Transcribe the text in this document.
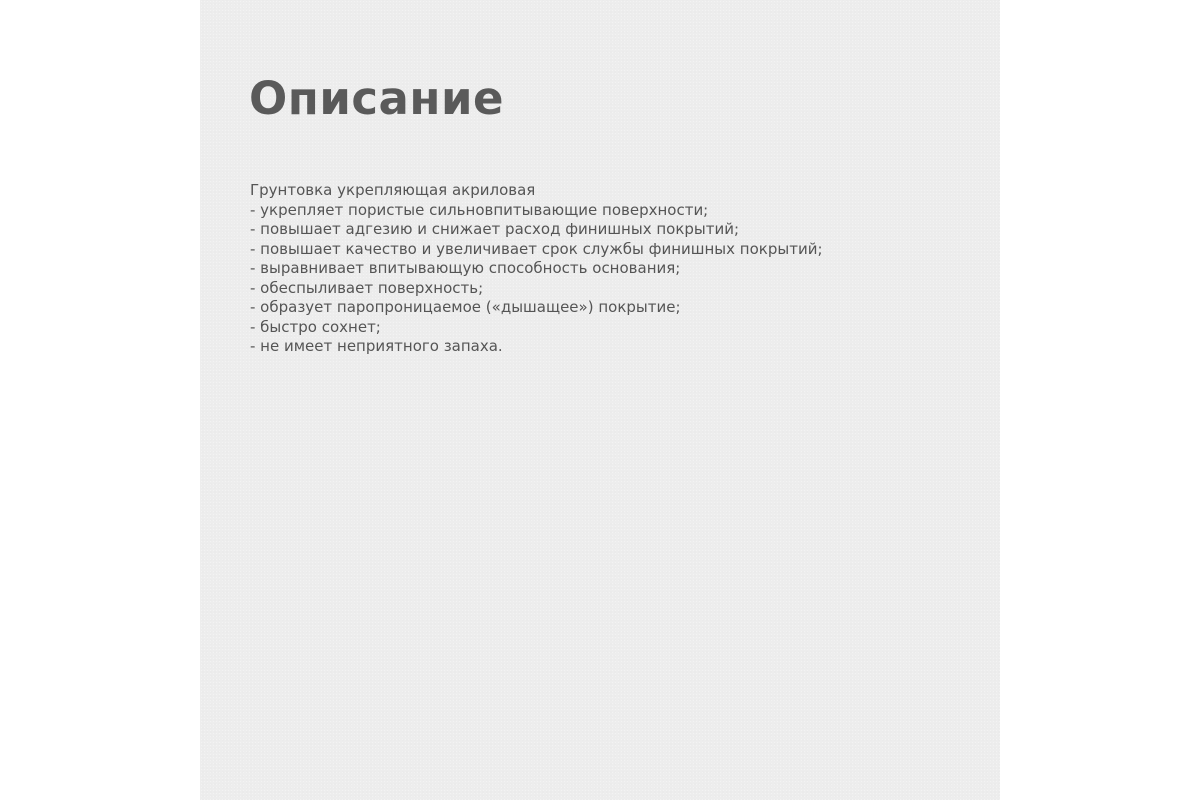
Описание
Грунтовка укрепляющая акриловая
- укрепляет пористые сильновпитывающие поверхности;
- повышает адгезию и снижает расход финишных покрытий;
- повышает качество и увеличивает срок службы финишных покрытий;
- выравнивает впитывающую способность основания;
- обеспыливает поверхность;
- образует паропроницаемое («дышащее») покрытие;
- быстро сохнет;
- не имеет неприятного запаха.
